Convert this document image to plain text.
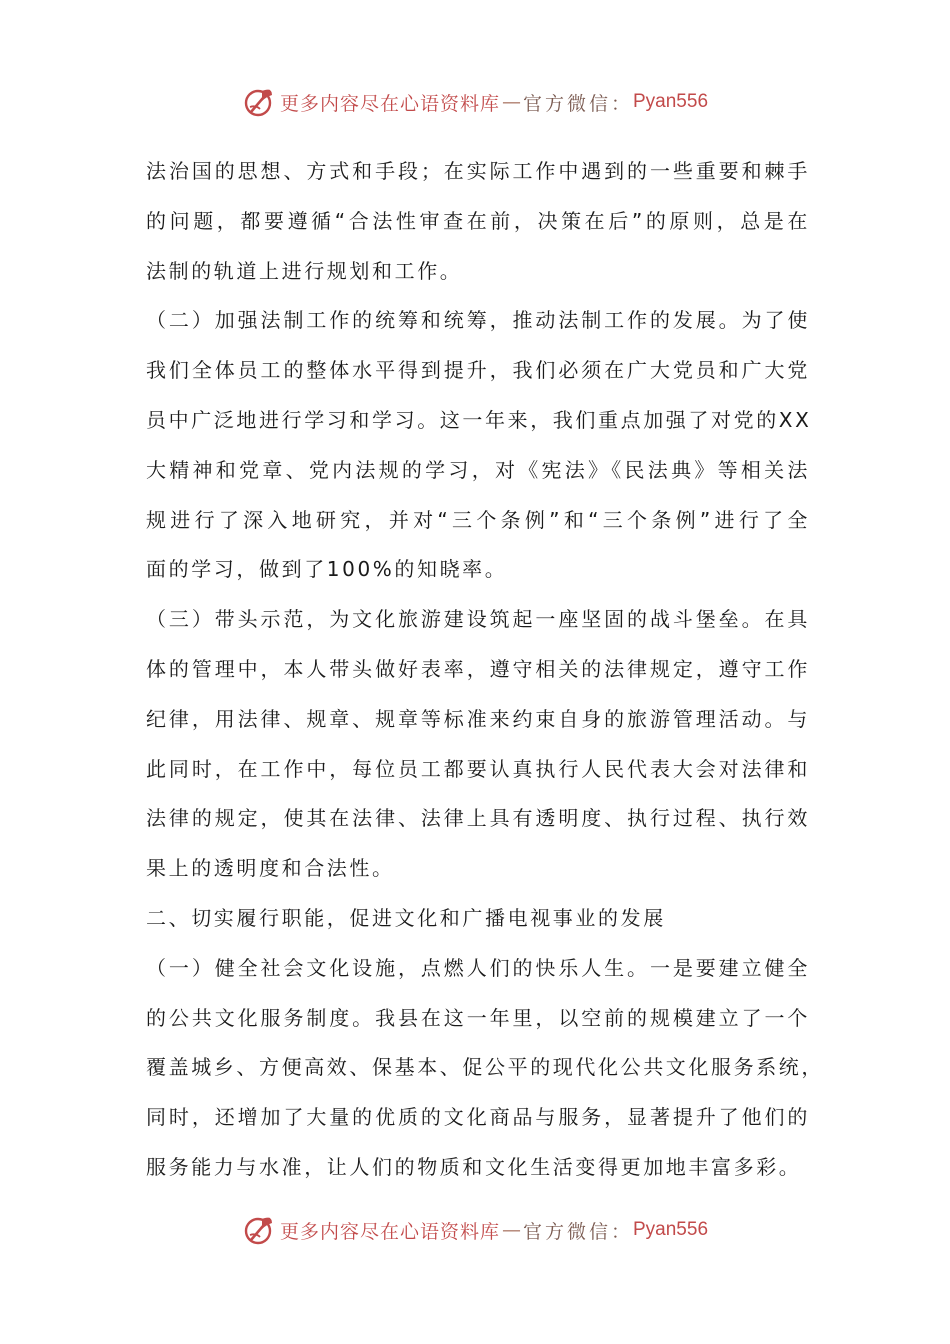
更多内容尽在心语资料库 — 官方微信： Pyan556
法治国的思想、方式和手段；在实际工作中遇到的一些重要和棘手
的问题，都要遵循“合法性审查在前，决策在后”的原则，总是在
法制的轨道上进行规划和工作。
（二）加强法制工作的统筹和统筹，推动法制工作的发展。为了使
我们全体员工的整体水平得到提升，我们必须在广大党员和广大党
员中广泛地进行学习和学习。这一年来，我们重点加强了对党的XX
大精神和党章、党内法规的学习，对《宪法》《民法典》等相关法
规进行了深入地研究，并对“三个条例”和“三个条例”进行了全
面的学习，做到了100%的知晓率。
（三）带头示范，为文化旅游建设筑起一座坚固的战斗堡垒。在具
体的管理中，本人带头做好表率，遵守相关的法律规定，遵守工作
纪律，用法律、规章、规章等标准来约束自身的旅游管理活动。与
此同时，在工作中，每位员工都要认真执行人民代表大会对法律和
法律的规定，使其在法律、法律上具有透明度、执行过程、执行效
果上的透明度和合法性。
二、切实履行职能，促进文化和广播电视事业的发展
（一）健全社会文化设施，点燃人们的快乐人生。一是要建立健全
的公共文化服务制度。我县在这一年里，以空前的规模建立了一个
覆盖城乡、方便高效、保基本、促公平的现代化公共文化服务系统，
同时，还增加了大量的优质的文化商品与服务，显著提升了他们的
服务能力与水准，让人们的物质和文化生活变得更加地丰富多彩。
更多内容尽在心语资料库 — 官方微信： Pyan556
